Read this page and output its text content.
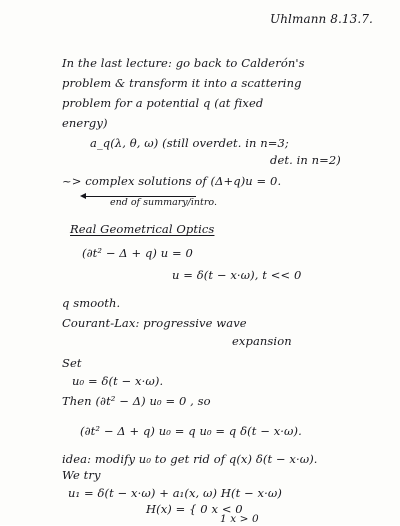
Uhlmann 8.13.7.
In the last lecture: go back to Calderón's
problem & transform it into a scattering
problem for a potential q (at fixed
energy)
a_q(λ, θ, ω) (still overdet. in n=3;
det. in n=2)
~> complex solutions of (Δ+q)u = 0.
end of summary/intro.
Real Geometrical Optics
(∂t² − Δ + q) u = 0
u = δ(t − x·ω), t << 0
q smooth.
Courant-Lax: progressive wave
expansion
Set
u₀ = δ(t − x·ω).
Then (∂t² − Δ) u₀ = 0 , so
(∂t² − Δ + q) u₀ = q u₀ = q δ(t − x·ω).
idea: modify u₀ to get rid of q(x) δ(t − x·ω).
We try
u₁ = δ(t − x·ω) + a₁(x, ω) H(t − x·ω)
H(x) = { 0 x < 0
1 x > 0
